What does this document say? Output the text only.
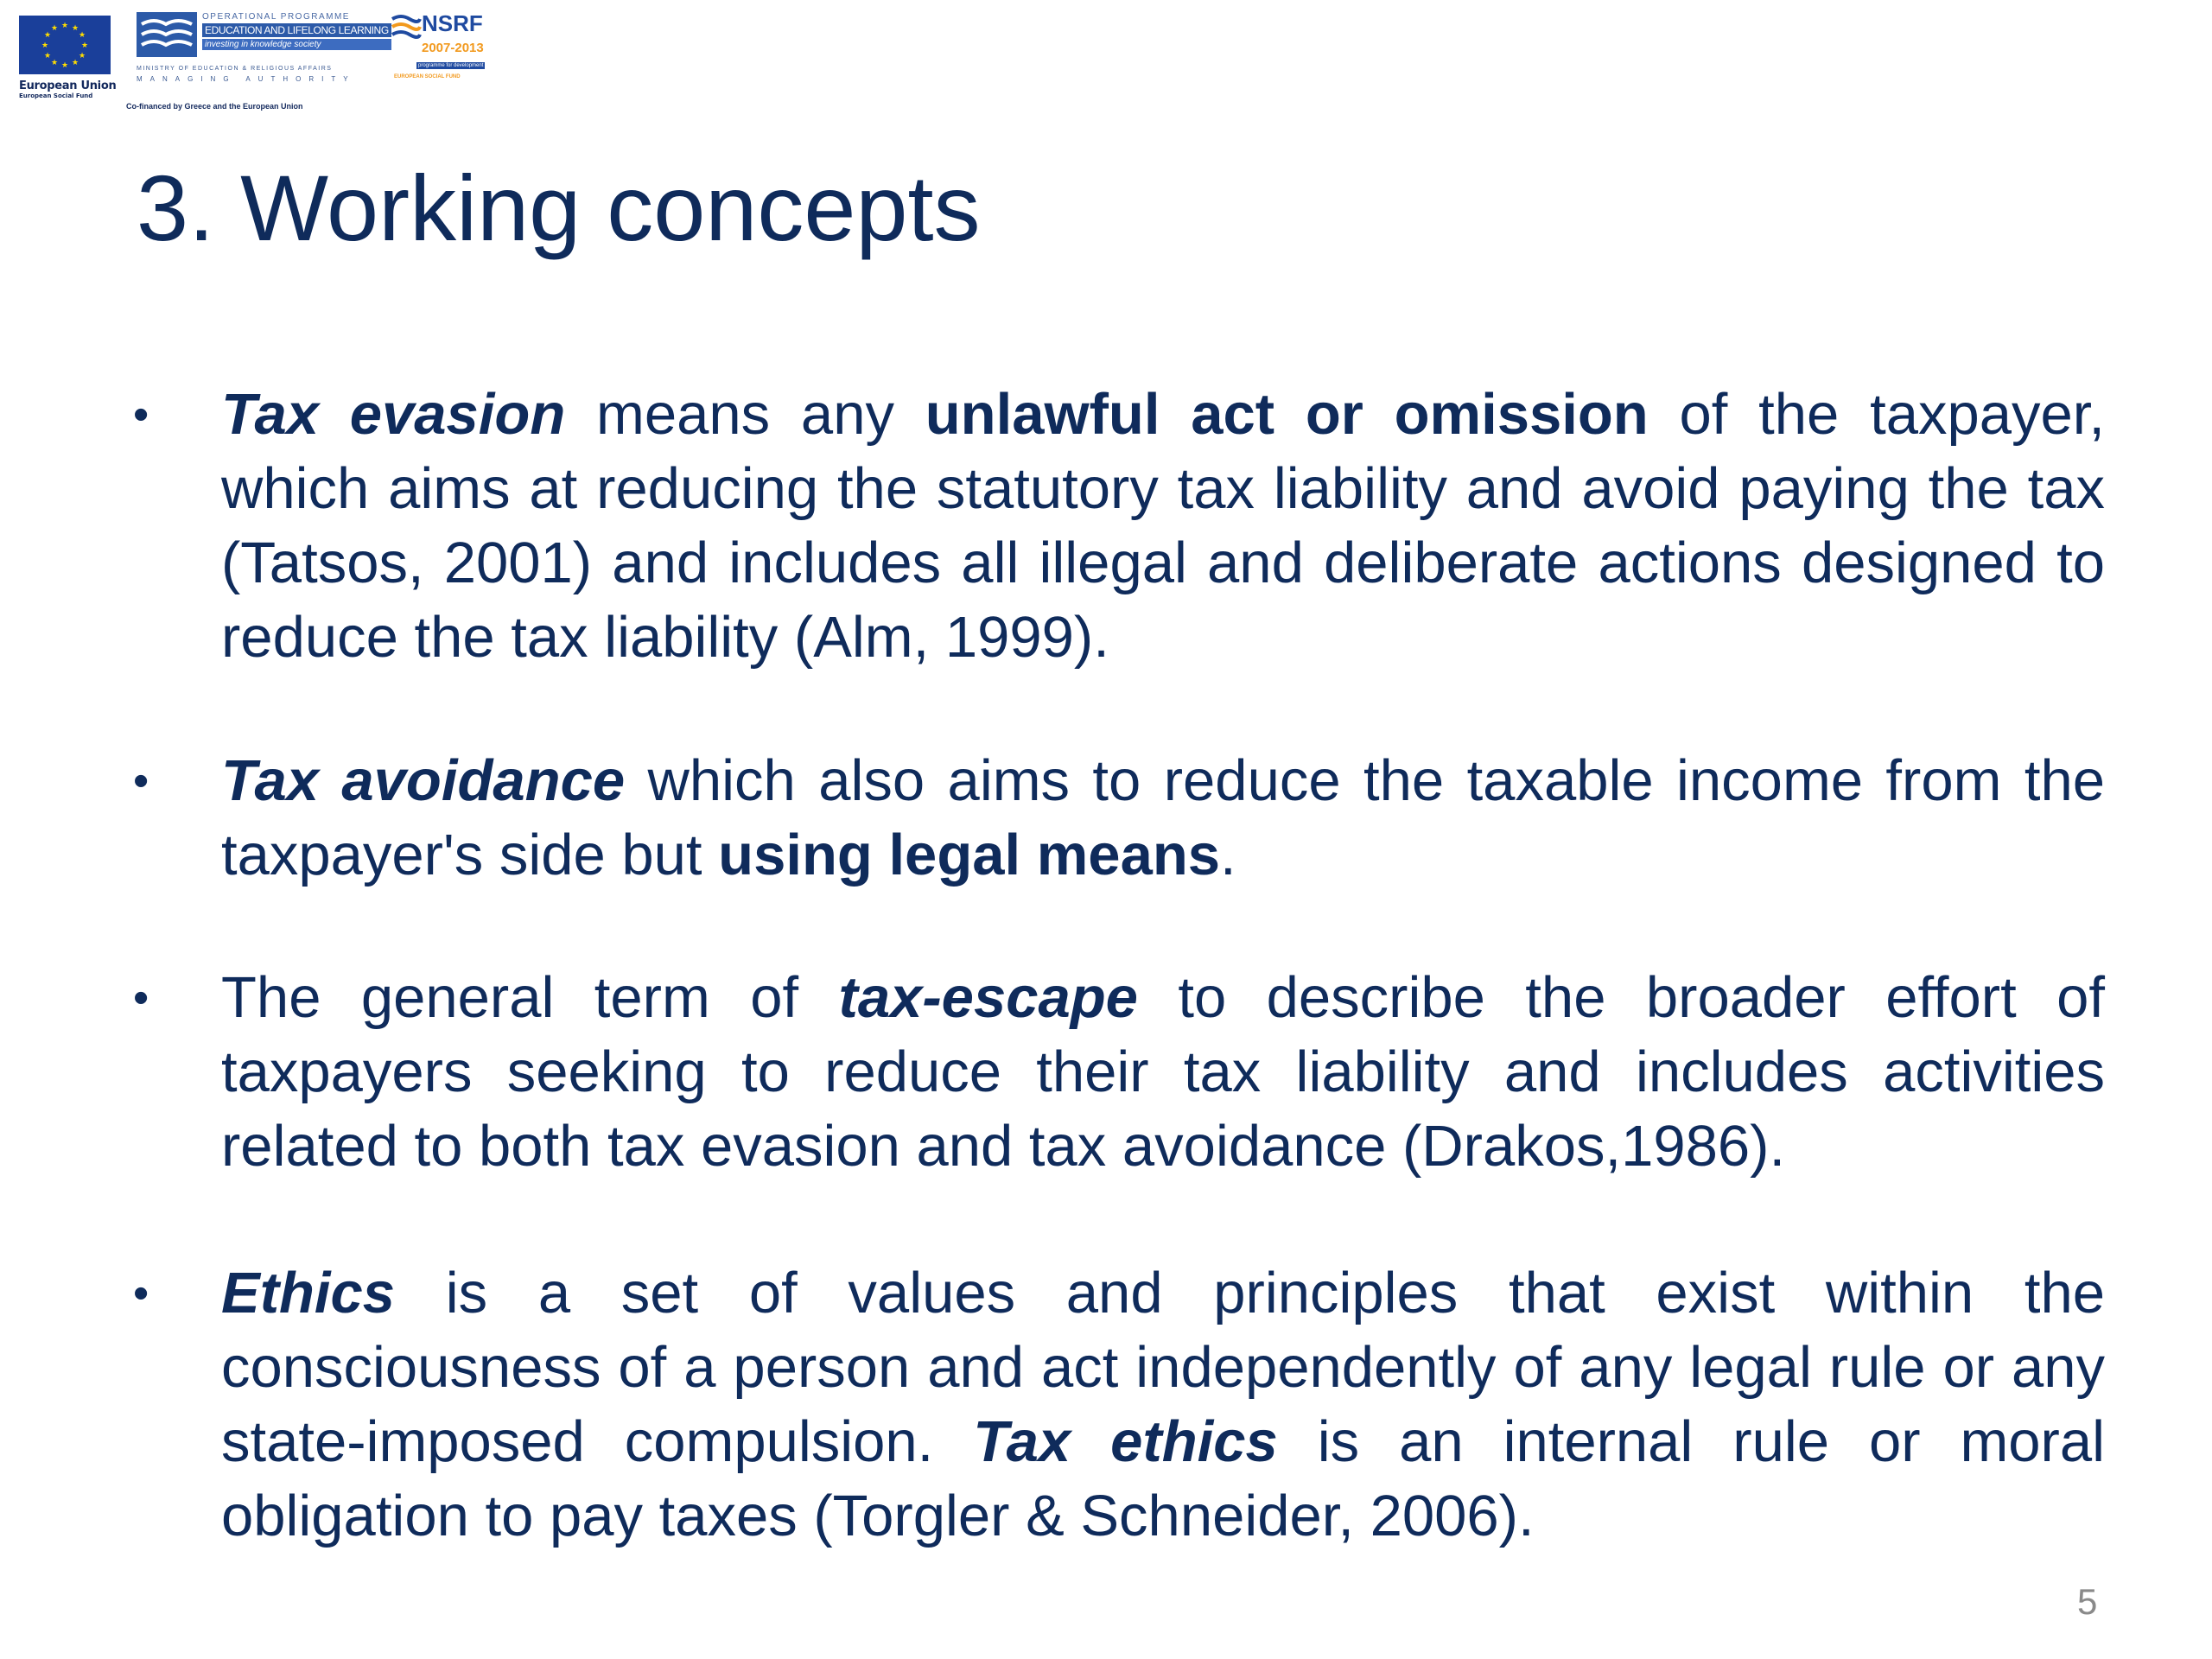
★ ★
★
★
★
★
★
★
★
★
★
★
European Union
European Social Fund
OPERATIONAL PROGRAMME
EDUCATION AND LIFELONG LEARNING
investing in knowledge society
MINISTRY OF EDUCATION & RELIGIOUS AFFAIRS
MANAGING AUTHORITY
Co-financed by Greece and the European Union
NSRF
2007-2013
programme for development
EUROPEAN SOCIAL FUND
3. Working concepts
• Tax evasion means any unlawful act or omission of the taxpayer, which aims at reducing the statutory tax liability and avoid paying the tax (Tatsos, 2001) and includes all illegal and deliberate actions designed to reduce the tax liability (Alm, 1999).
• Tax avoidance which also aims to reduce the taxable income from the taxpayer's side but using legal means.
• The general term of tax-escape to describe the broader effort of taxpayers seeking to reduce their tax liability and includes activities related to both tax evasion and tax avoidance (Drakos,1986).
• Ethics is a set of values and principles that exist within the consciousness of a person and act independently of any legal rule or any state-imposed compulsion. Tax ethics is an internal rule or moral obligation to pay taxes (Torgler & Schneider, 2006).
5
